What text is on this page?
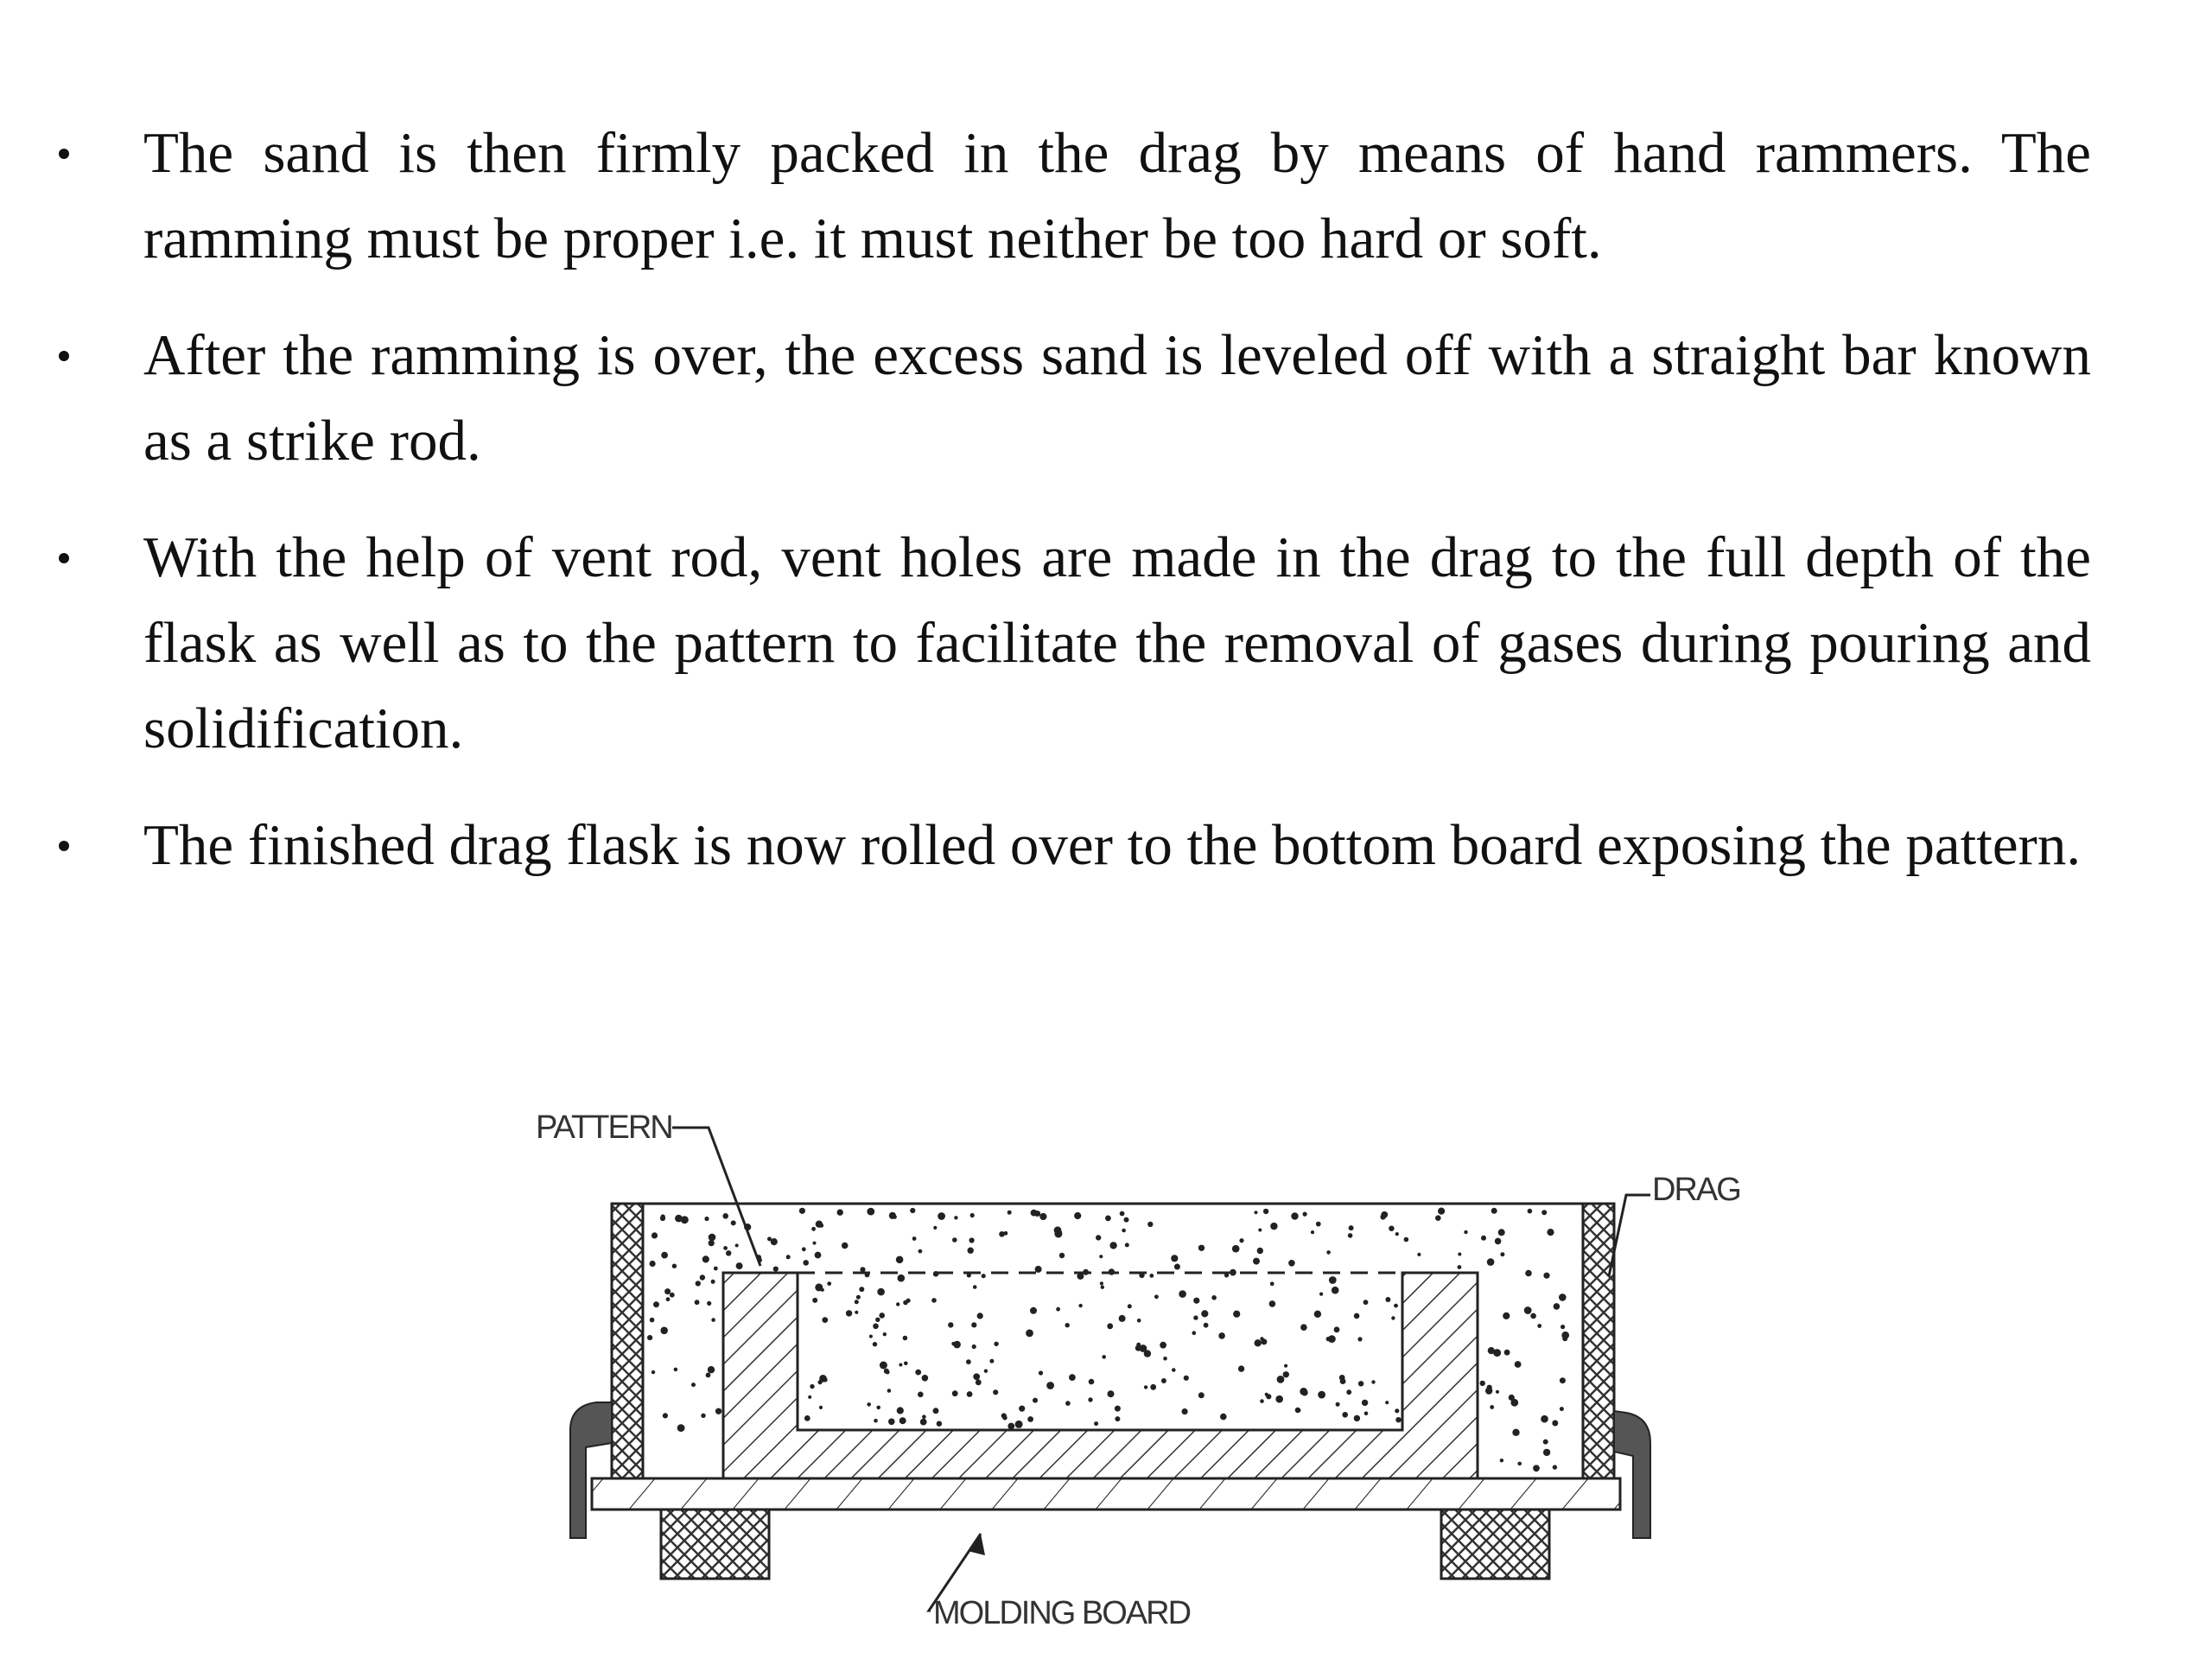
The sand is then firmly packed in the drag by means of hand rammers. The ramming must be proper i.e. it must neither be too hard or soft.
After the ramming is over, the excess sand is leveled off with a straight bar known as a strike rod.
With the help of vent rod, vent holes are made in the drag to the full depth of the flask as well as to the pattern to facilitate the removal of gases during pouring and solidification.
The finished drag flask is now rolled over to the bottom board exposing the pattern.
PATTERN
DRAG
MOLDING BOARD
